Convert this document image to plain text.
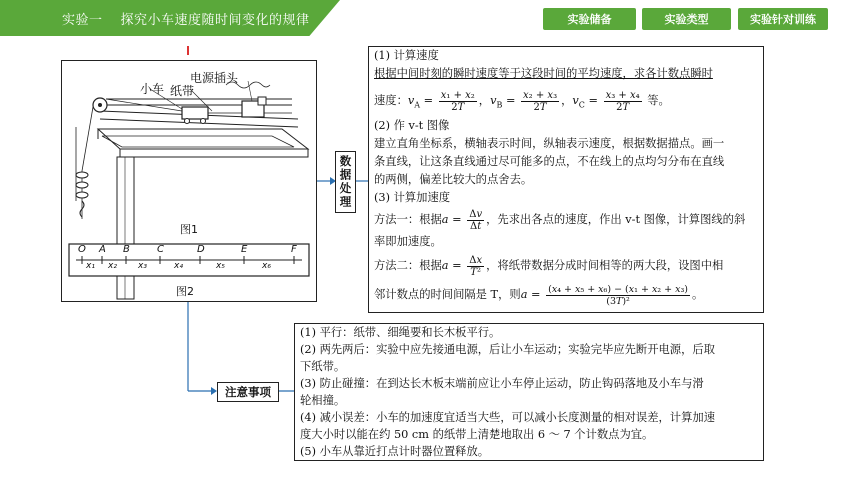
实验一 探究小车速度随时间变化的规律	实验储备	实验类型	实验针对训练
小车 纸带
电源插头
图1
图2
O A B	C	D	E	F
x₁ x₂ x₃	x₄	x₅	x₆
数据处理
注意事项
(1) 计算速度
根据中间时刻的瞬时速度等于这段时间的平均速度，求各计数点瞬时
速度：$v_A = \frac{\text{x₁ + x₂}}{2T}$ ，$v_B = \frac{\text{x₂ + x₃}}{2T}$ ，$v_C = \frac{\text{x₃ + x₄}}{2T}$ 等。
(2) 作 v-t 图像
建立直角坐标系，横轴表示时间，纵轴表示速度，根据数据描点。画一
条直线，让这条直线通过尽可能多的点，不在线上的点均匀分布在直线
的两侧，偏差比较大的点舍去。
(3) 计算加速度
方法一：根据$a = \frac{\Delta v}{\Delta t}$ ，先求出各点的速度，作出 v-t 图像，计算图线的斜
率即加速度。
方法二：根据$a = \frac{\Delta x}{\text{T²}}$ ，将纸带数据分成时间相等的两大段，设图中相
邻计数点的时间间隔是 T，则$a = \frac{\text{(x₄ + x₅ + x₆) − (x₁ + x₂ + x₃)}}{\text{(3T)²}}$ 。
(1) 平行：纸带、细绳要和长木板平行。
(2) 两先两后：实验中应先接通电源，后让小车运动；实验完毕应先断开电源，后取
下纸带。
(3) 防止碰撞：在到达长木板末端前应让小车停止运动，防止钩码落地及小车与滑
轮相撞。
(4) 减小误差：小车的加速度宜适当大些，可以减小长度测量的相对误差，计算加速
度大小时以能在约 50 cm 的纸带上清楚地取出 6 ～ 7 个计数点为宜。
(5) 小车从靠近打点计时器位置释放。
